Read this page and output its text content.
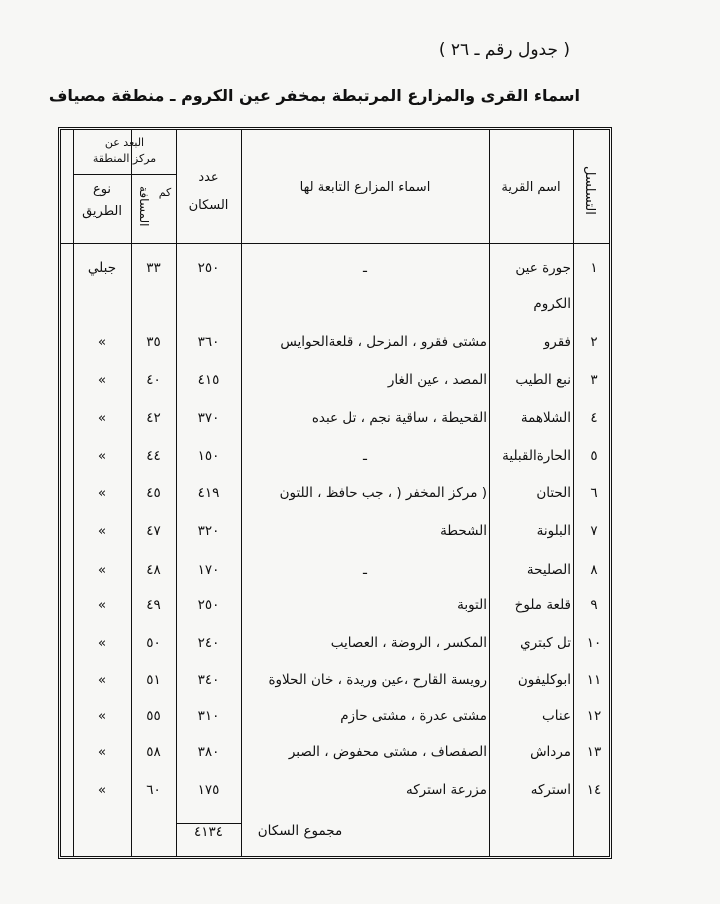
( جدول رقم ـ ٢٦ )
اسماء القرى والمزارع المرتبطة بمخفر عين الكروم ـ منطقة مصياف
التسلسل
اسم القرية
اسماء المزارع التابعة لها
عدد
السكان
البعد عن
مركز المنطقة
نوع
الطريق	المسافة كم
١
جورة عين
الكروم
ـ
٢٥٠
٣٣
جبلي
٢
فقرو
مشتى فقرو ، المزحل ، قلعةالحوايس
٣٦٠
٣٥
»
٣
نبع الطيب
المصد ، عين الغار
٤١٥
٤٠
»
٤
الشلاهمة
القحيطة ، ساقية نجم ، تل عبده
٣٧٠
٤٢
»
٥
الحارةالقبلية
ـ
١٥٠
٤٤
»
٦
الحتان
( مركز المخفر ( ، جب حافظ ، اللتون
٤١٩
٤٥
»
٧
البلونة
الشحطة
٣٢٠
٤٧
»
٨
الصليحة
ـ
١٧٠
٤٨
»
٩
قلعة ملوخ
التوبة
٢٥٠
٤٩
»
١٠
تل كبتري
المكسر ، الروضة ، العصايب
٢٤٠
٥٠
»
١١
ابوكليفون
رويسة القارح ،عين وريدة ، خان الحلاوة
٣٤٠
٥١
»
١٢
عناب
مشتى عدرة ، مشتى حازم
٣١٠
٥٥
»
١٣
مرداش
الصفصاف ، مشتى محفوض ، الصبر
٣٨٠
٥٨
»
١٤
استركه
مزرعة استركه
١٧٥
٦٠
»
مجموع السكان
٤١٣٤
